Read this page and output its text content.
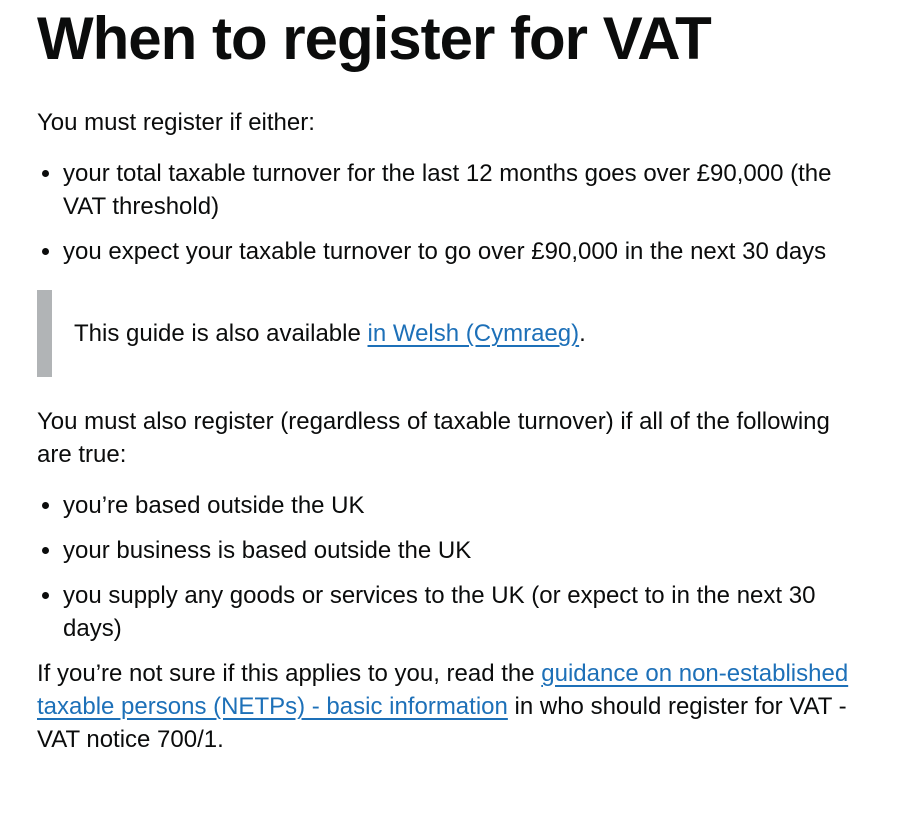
When to register for VAT

You must register if either:

your total taxable turnover for the last 12 months goes over £90,000 (the VAT threshold)
you expect your taxable turnover to go over £90,000 in the next 30 days
This guide is also available in Welsh (Cymraeg).

You must also register (regardless of taxable turnover) if all of the following are true:

you’re based outside the UK
your business is based outside the UK
you supply any goods or services to the UK (or expect to in the next 30 days)

If you’re not sure if this applies to you, read the guidance on non-established taxable persons (NETPs) - basic information in who should register for VAT - VAT notice 700/1.
